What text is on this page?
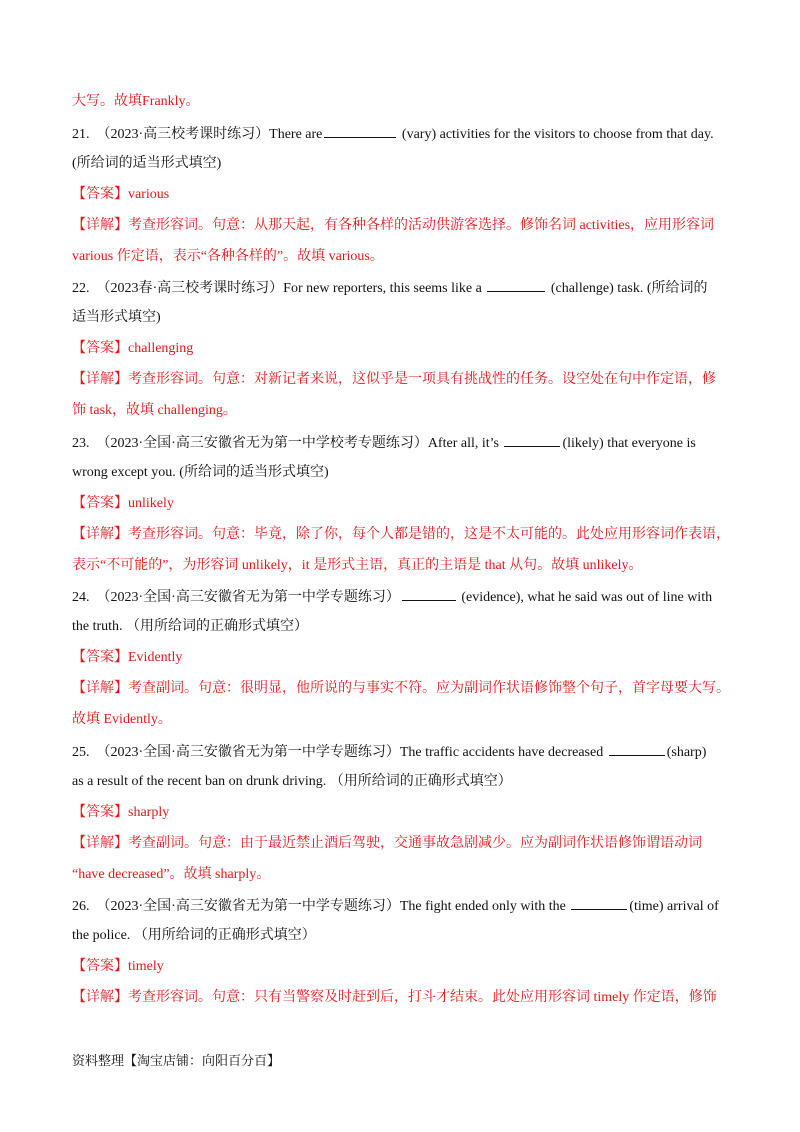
大写。故填Frankly。
21.　（2023·高三校考课时练习）There are	(vary) activities for the visitors to choose from that day.
(所给词的适当形式填空)
【答案】various
【详解】考查形容词。句意：从那天起，有各种各样的活动供游客选择。修饰名词 activities，应用形容词
various 作定语，表示“各种各样的”。故填 various。
22.　（2023春·高三校考课时练习）For new reporters, this seems like a	(challenge) task. (所给词的
适当形式填空)
【答案】challenging
【详解】考查形容词。句意：对新记者来说，这似乎是一项具有挑战性的任务。设空处在句中作定语，修
饰 task，故填 challenging。
23.　（2023·全国·高三安徽省无为第一中学校考专题练习）After all, it’s	(likely) that everyone is
wrong except you. (所给词的适当形式填空)
【答案】unlikely
【详解】考查形容词。句意：毕竟，除了你，每个人都是错的，这是不太可能的。此处应用形容词作表语，
表示“不可能的”，为形容词 unlikely，it 是形式主语，真正的主语是 that 从句。故填 unlikely。
24.　（2023·全国·高三安徽省无为第一中学专题练习）	(evidence), what he said was out of line with
the truth. （用所给词的正确形式填空）
【答案】Evidently
【详解】考查副词。句意：很明显，他所说的与事实不符。应为副词作状语修饰整个句子，首字母要大写。
故填 Evidently。
25.　（2023·全国·高三安徽省无为第一中学专题练习）The traffic accidents have decreased	(sharp)
as a result of the recent ban on drunk driving. （用所给词的正确形式填空）
【答案】sharply
【详解】考查副词。句意：由于最近禁止酒后驾驶，交通事故急剧减少。应为副词作状语修饰谓语动词
“have decreased”。故填 sharply。
26.　（2023·全国·高三安徽省无为第一中学专题练习）The fight ended only with the	(time) arrival of
the police. （用所给词的正确形式填空）
【答案】timely
【详解】考查形容词。句意：只有当警察及时赶到后，打斗才结束。此处应用形容词 timely 作定语，修饰
资料整理【淘宝店铺：向阳百分百】
